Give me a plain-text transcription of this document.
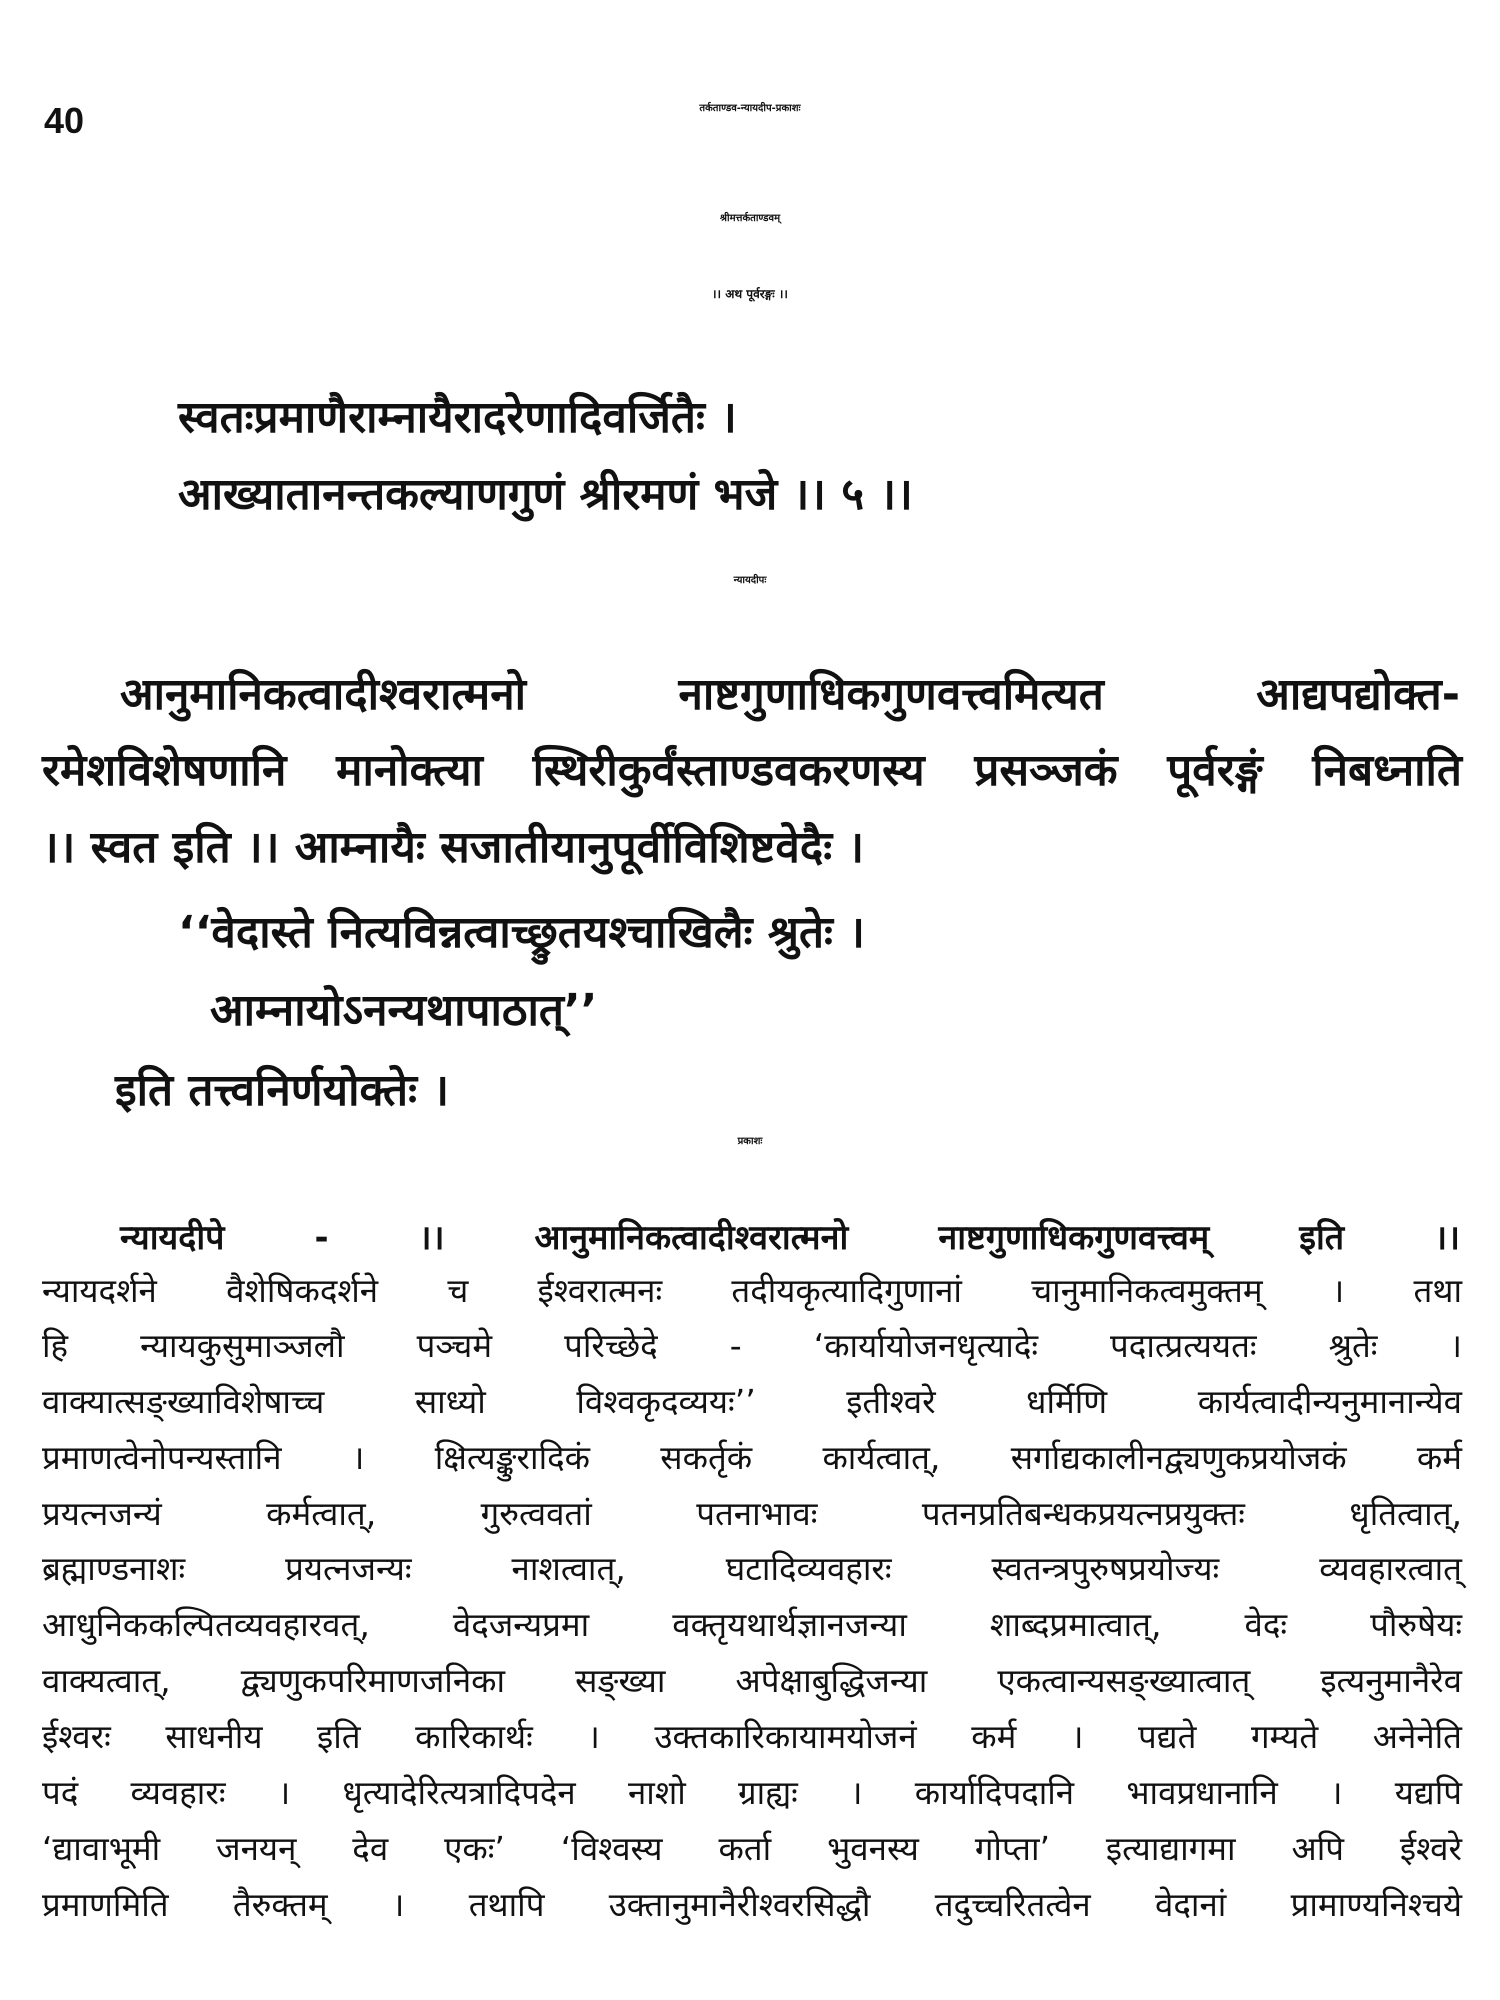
40	तर्कताण्डव-न्यायदीप-प्रकाशः
श्रीमत्तर्कताण्डवम्
।। अथ पूर्वरङ्गः ।।
स्वतःप्रमाणैराम्नायैरादरेणादिवर्जितैः ।
आख्यातानन्तकल्याणगुणं श्रीरमणं भजे ।। ५ ।।
न्यायदीपः
आनुमानिकत्वादीश्वरात्मनो नाष्टगुणाधिकगुणवत्त्वमित्यत आद्यपद्योक्त-
रमेशविशेषणानि मानोक्त्या स्थिरीकुर्वंस्ताण्डवकरणस्य प्रसञ्जकं पूर्वरङ्गं निबध्नाति
।। स्वत इति ।। आम्नायैः सजातीयानुपूर्वीविशिष्टवेदैः ।
‘‘वेदास्ते नित्यविन्नत्वाच्छ्रुतयश्चाखिलैः श्रुतेः ।
आम्नायोऽनन्यथापाठात्’’
इति तत्त्वनिर्णयोक्तेः ।
प्रकाशः
न्यायदीपे - ।। आनुमानिकत्वादीश्वरात्मनो नाष्टगुणाधिकगुणवत्त्वम् इति ।।
न्यायदर्शने वैशेषिकदर्शने च ईश्वरात्मनः तदीयकृत्यादिगुणानां चानुमानिकत्वमुक्तम् । तथा
हि न्यायकुसुमाञ्जलौ पञ्चमे परिच्छेदे - ‘कार्यायोजनधृत्यादेः पदात्प्रत्ययतः श्रुतेः ।
वाक्यात्सङ्ख्याविशेषाच्च साध्यो विश्वकृदव्ययः’’ इतीश्वरे धर्मिणि कार्यत्वादीन्यनुमानान्येव
प्रमाणत्वेनोपन्यस्तानि । क्षित्यङ्कुरादिकं सकर्तृकं कार्यत्वात्, सर्गाद्यकालीनद्व्यणुकप्रयोजकं कर्म
प्रयत्नजन्यं कर्मत्वात्, गुरुत्ववतां पतनाभावः पतनप्रतिबन्धकप्रयत्नप्रयुक्तः धृतित्वात्,
ब्रह्माण्डनाशः प्रयत्नजन्यः नाशत्वात्, घटादिव्यवहारः स्वतन्त्रपुरुषप्रयोज्यः व्यवहारत्वात्
आधुनिककल्पितव्यवहारवत्, वेदजन्यप्रमा वक्तृयथार्थज्ञानजन्या शाब्दप्रमात्वात्, वेदः पौरुषेयः
वाक्यत्वात्, द्व्यणुकपरिमाणजनिका सङ्ख्या अपेक्षाबुद्धिजन्या एकत्वान्यसङ्ख्यात्वात् इत्यनुमानैरेव
ईश्वरः साधनीय इति कारिकार्थः । उक्तकारिकायामयोजनं कर्म । पद्यते गम्यते अनेनेति
पदं व्यवहारः । धृत्यादेरित्यत्रादिपदेन नाशो ग्राह्यः । कार्यादिपदानि भावप्रधानानि । यद्यपि
‘द्यावाभूमी जनयन् देव एकः’ ‘विश्वस्य कर्ता भुवनस्य गोप्ता’ इत्याद्यागमा अपि ईश्वरे
प्रमाणमिति तैरुक्तम् । तथापि उक्तानुमानैरीश्वरसिद्धौ तदुच्चरितत्वेन वेदानां प्रामाण्यनिश्चये
